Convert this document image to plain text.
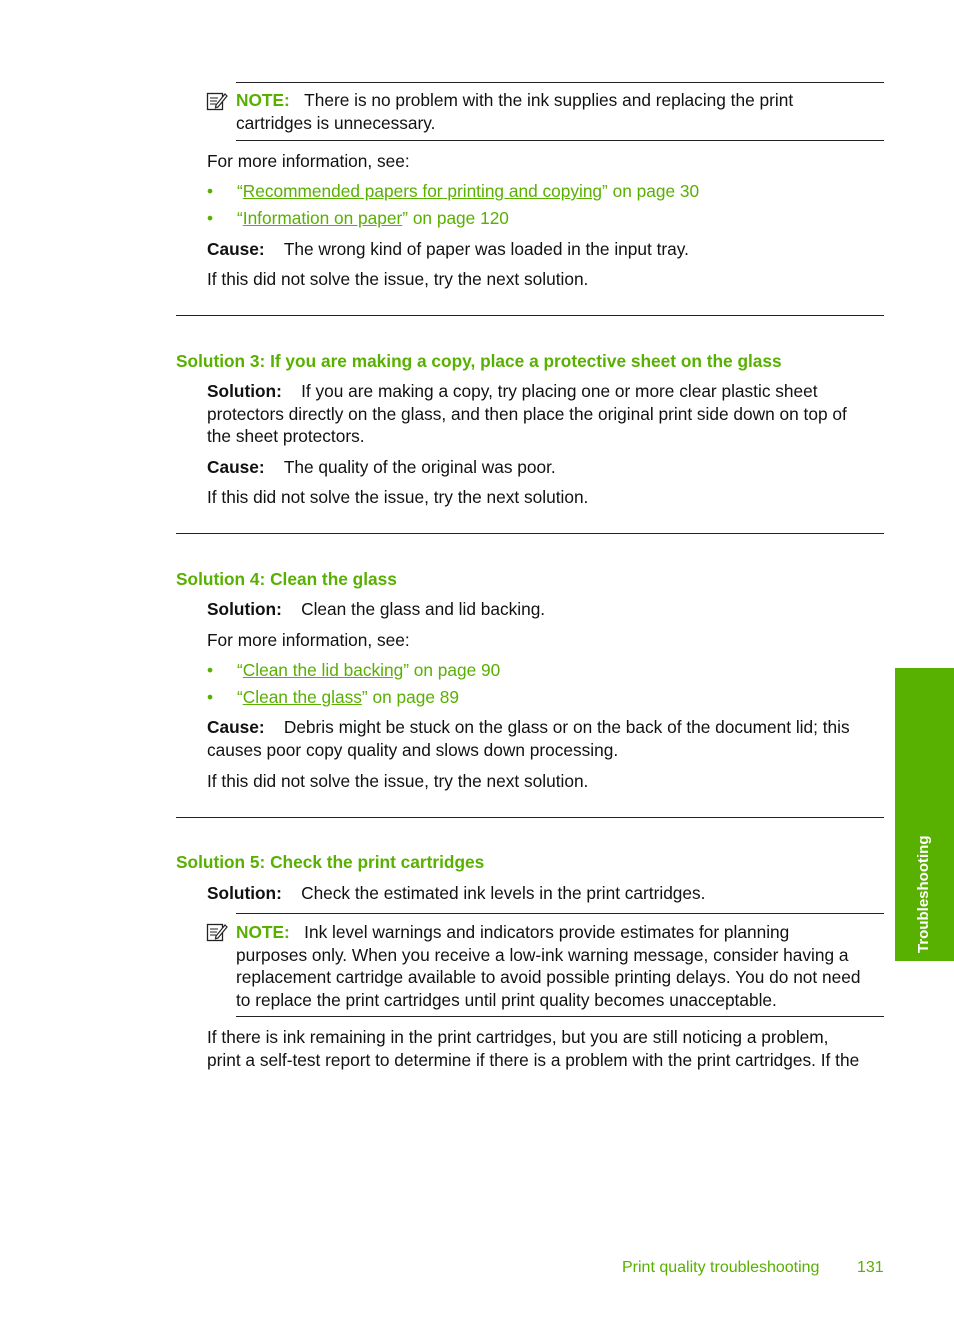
NOTE: There is no problem with the ink supplies and replacing the print
cartridges is unnecessary.
For more information, see:
• “Recommended papers for printing and copying” on page 30
• “Information on paper” on page 120
Cause: The wrong kind of paper was loaded in the input tray.
If this did not solve the issue, try the next solution.
Solution 3: If you are making a copy, place a protective sheet on the glass
Solution: If you are making a copy, try placing one or more clear plastic sheet
protectors directly on the glass, and then place the original print side down on top of
the sheet protectors.
Cause: The quality of the original was poor.
If this did not solve the issue, try the next solution.
Solution 4: Clean the glass
Solution: Clean the glass and lid backing.
For more information, see:
• “Clean the lid backing” on page 90
• “Clean the glass” on page 89
Cause: Debris might be stuck on the glass or on the back of the document lid; this
causes poor copy quality and slows down processing.
If this did not solve the issue, try the next solution.
Solution 5: Check the print cartridges
Solution: Check the estimated ink levels in the print cartridges.
NOTE: Ink level warnings and indicators provide estimates for planning
purposes only. When you receive a low-ink warning message, consider having a
replacement cartridge available to avoid possible printing delays. You do not need
to replace the print cartridges until print quality becomes unacceptable.
If there is ink remaining in the print cartridges, but you are still noticing a problem,
print a self-test report to determine if there is a problem with the print cartridges. If the
Troubleshooting
Print quality troubleshooting 131
